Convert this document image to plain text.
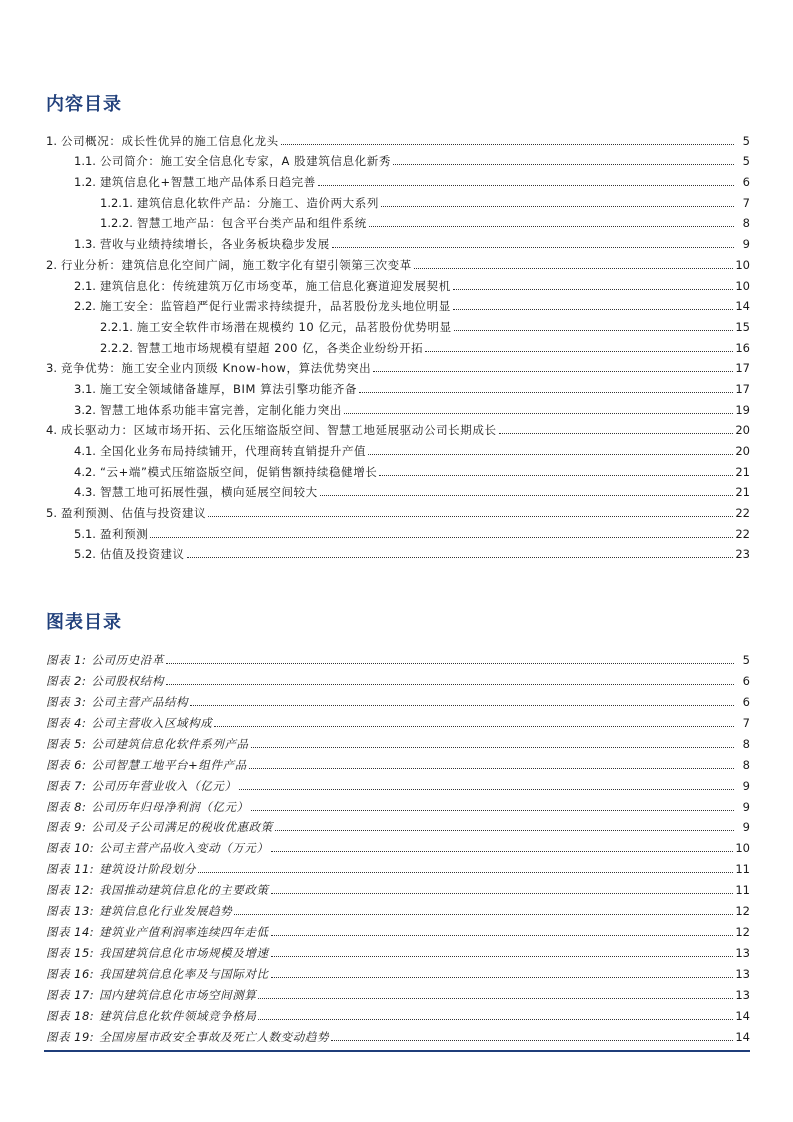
内容目录
1. 公司概况：成长性优异的施工信息化龙头	5
1.1. 公司简介：施工安全信息化专家，A 股建筑信息化新秀	5
1.2. 建筑信息化+智慧工地产品体系日趋完善	6
1.2.1. 建筑信息化软件产品：分施工、造价两大系列	7
1.2.2. 智慧工地产品：包含平台类产品和组件系统	8
1.3. 营收与业绩持续增长，各业务板块稳步发展	9
2. 行业分析：建筑信息化空间广阔，施工数字化有望引领第三次变革	10
2.1. 建筑信息化：传统建筑万亿市场变革，施工信息化赛道迎发展契机	10
2.2. 施工安全：监管趋严促行业需求持续提升，品茗股份龙头地位明显	14
2.2.1. 施工安全软件市场潜在规模约 10 亿元，品茗股份优势明显	15
2.2.2. 智慧工地市场规模有望超 200 亿，各类企业纷纷开拓	16
3. 竞争优势：施工安全业内顶级 Know-how，算法优势突出	17
3.1. 施工安全领域储备雄厚，BIM 算法引擎功能齐备	17
3.2. 智慧工地体系功能丰富完善，定制化能力突出	19
4. 成长驱动力：区域市场开拓、云化压缩盗版空间、智慧工地延展驱动公司长期成长	20
4.1. 全国化业务布局持续铺开，代理商转直销提升产值	20
4.2. “云+端”模式压缩盗版空间，促销售额持续稳健增长	21
4.3. 智慧工地可拓展性强，横向延展空间较大	21
5. 盈利预测、估值与投资建议	22
5.1. 盈利预测	22
5.2. 估值及投资建议	23
图表目录
图表 1: 公司历史沿革	5
图表 2: 公司股权结构	6
图表 3: 公司主营产品结构	6
图表 4: 公司主营收入区域构成	7
图表 5: 公司建筑信息化软件系列产品	8
图表 6: 公司智慧工地平台+组件产品	8
图表 7: 公司历年营业收入（亿元）	9
图表 8: 公司历年归母净利润（亿元）	9
图表 9: 公司及子公司满足的税收优惠政策	9
图表 10: 公司主营产品收入变动（万元）	10
图表 11: 建筑设计阶段划分	11
图表 12: 我国推动建筑信息化的主要政策	11
图表 13: 建筑信息化行业发展趋势	12
图表 14: 建筑业产值利润率连续四年走低	12
图表 15: 我国建筑信息化市场规模及增速	13
图表 16: 我国建筑信息化率及与国际对比	13
图表 17: 国内建筑信息化市场空间测算	13
图表 18: 建筑信息化软件领域竞争格局	14
图表 19: 全国房屋市政安全事故及死亡人数变动趋势	14
